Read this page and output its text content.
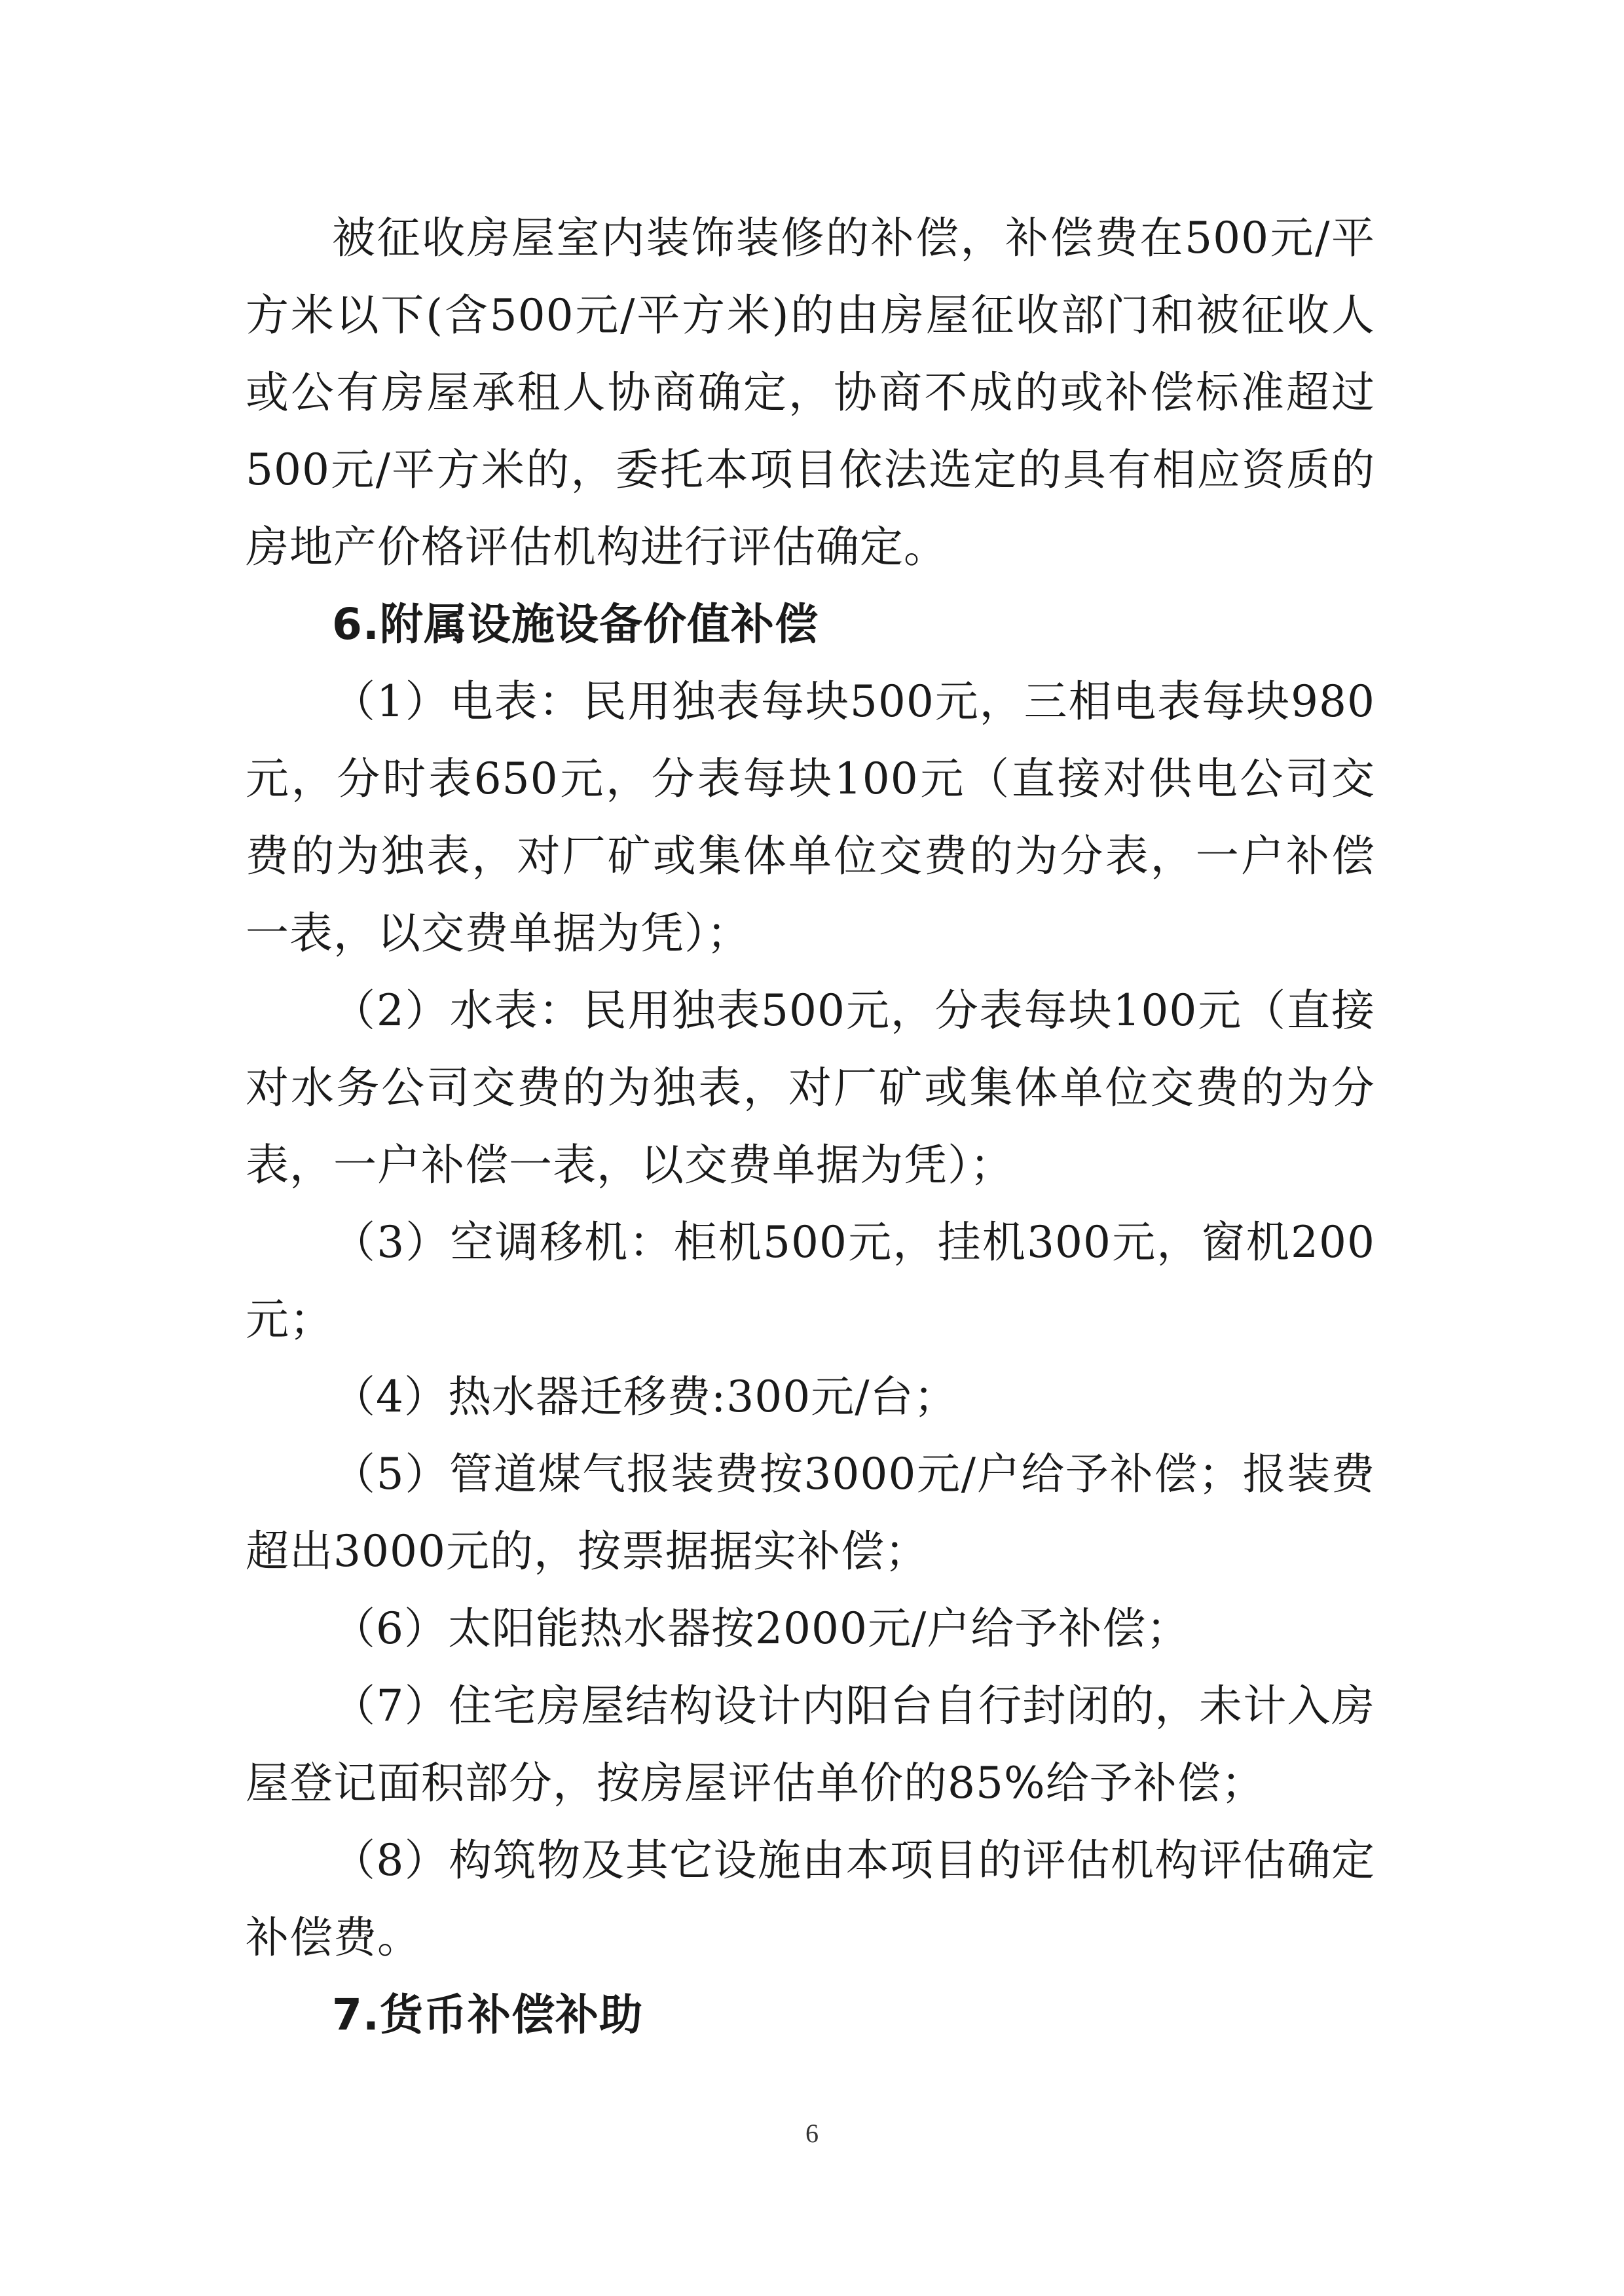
被征收房屋室内装饰装修的补偿，补偿费在500元/平方米以下(含500元/平方米)的由房屋征收部门和被征收人或公有房屋承租人协商确定，协商不成的或补偿标准超过500元/平方米的，委托本项目依法选定的具有相应资质的房地产价格评估机构进行评估确定。

6.附属设施设备价值补偿

（1）电表：民用独表每块500元，三相电表每块980元，分时表650元，分表每块100元（直接对供电公司交费的为独表，对厂矿或集体单位交费的为分表，一户补偿一表，以交费单据为凭）；

（2）水表：民用独表500元，分表每块100元（直接对水务公司交费的为独表，对厂矿或集体单位交费的为分表，一户补偿一表，以交费单据为凭）；

（3）空调移机：柜机500元，挂机300元，窗机200元；

（4）热水器迁移费:300元/台；

（5）管道煤气报装费按3000元/户给予补偿；报装费超出3000元的，按票据据实补偿；

（6）太阳能热水器按2000元/户给予补偿；

（7）住宅房屋结构设计内阳台自行封闭的，未计入房屋登记面积部分，按房屋评估单价的85%给予补偿；

（8）构筑物及其它设施由本项目的评估机构评估确定补偿费。

7.货币补偿补助

6
